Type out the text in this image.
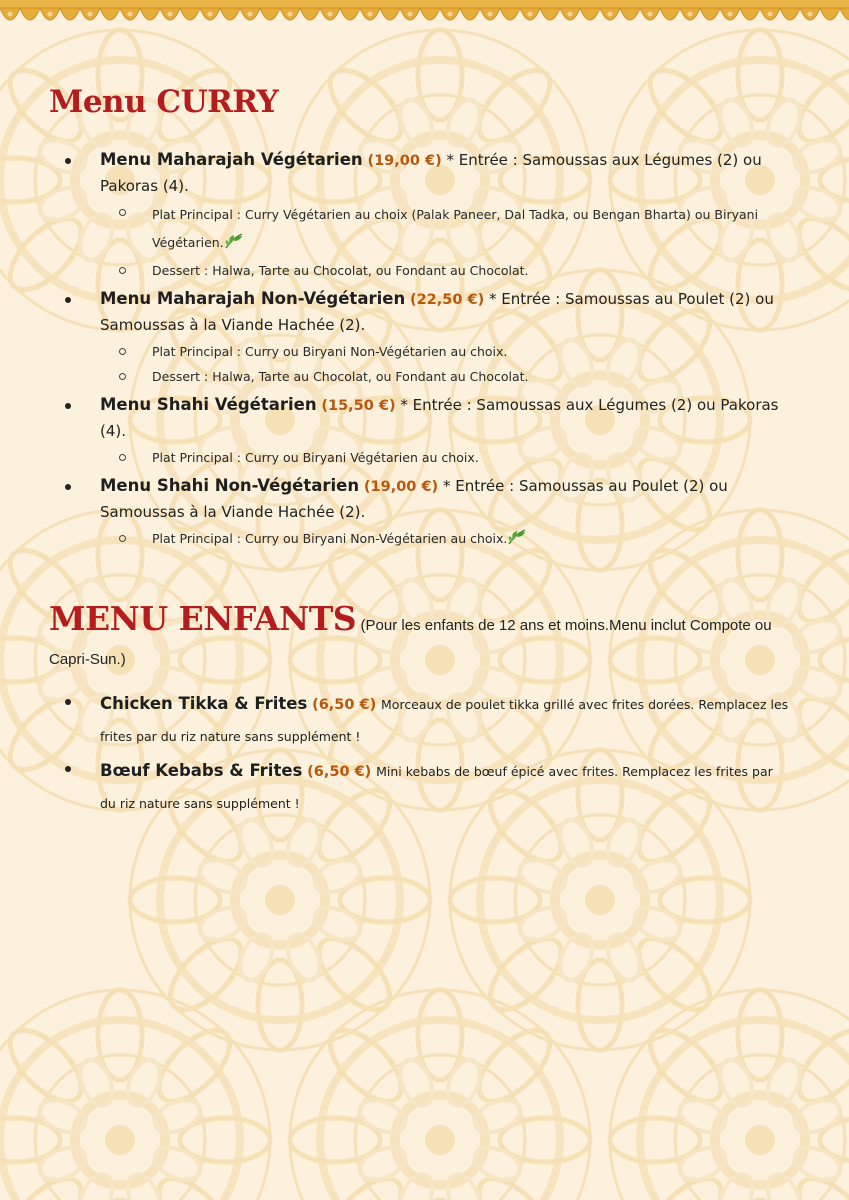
Menu CURRY
Menu Maharajah Végétarien (19,00 €) * Entrée : Samoussas aux Légumes (2) ou Pakoras (4).
Plat Principal : Curry Végétarien au choix (Palak Paneer, Dal Tadka, ou Bengan Bharta) ou Biryani Végétarien.
Dessert : Halwa, Tarte au Chocolat, ou Fondant au Chocolat.
Menu Maharajah Non-Végétarien (22,50 €) * Entrée : Samoussas au Poulet (2) ou Samoussas à la Viande Hachée (2).
Plat Principal : Curry ou Biryani Non-Végétarien au choix.
Dessert : Halwa, Tarte au Chocolat, ou Fondant au Chocolat.
Menu Shahi Végétarien (15,50 €) * Entrée : Samoussas aux Légumes (2) ou Pakoras (4).
Plat Principal : Curry ou Biryani Végétarien au choix.
Menu Shahi Non-Végétarien (19,00 €) * Entrée : Samoussas au Poulet (2) ou Samoussas à la Viande Hachée (2).
Plat Principal : Curry ou Biryani Non-Végétarien au choix.
MENU ENFANTS (Pour les enfants de 12 ans et moins.Menu inclut Compote ou Capri-Sun.)
Chicken Tikka & Frites (6,50 €) Morceaux de poulet tikka grillé avec frites dorées. Remplacez les frites par du riz nature sans supplément !
Bœuf Kebabs & Frites (6,50 €) Mini kebabs de bœuf épicé avec frites. Remplacez les frites par du riz nature sans supplément !
